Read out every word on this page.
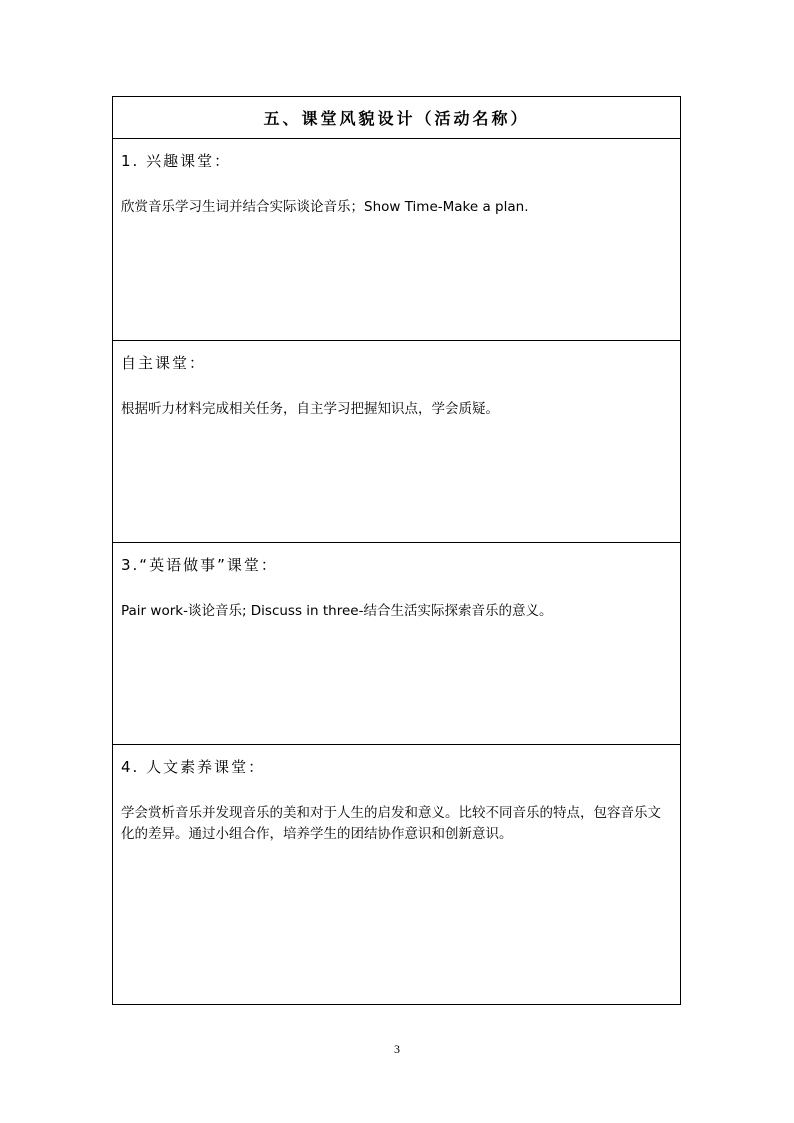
五、课堂风貌设计（活动名称）

1. 兴趣课堂：

欣赏音乐学习生词并结合实际谈论音乐；Show Time-Make a plan.

自主课堂：

根据听力材料完成相关任务，自主学习把握知识点，学会质疑。

3.“英语做事”课堂：

Pair work-谈论音乐; Discuss in three-结合生活实际探索音乐的意义。

4. 人文素养课堂：

学会赏析音乐并发现音乐的美和对于人生的启发和意义。比较不同音乐的特点，包容音乐文化的差异。通过小组合作，培养学生的团结协作意识和创新意识。
3
